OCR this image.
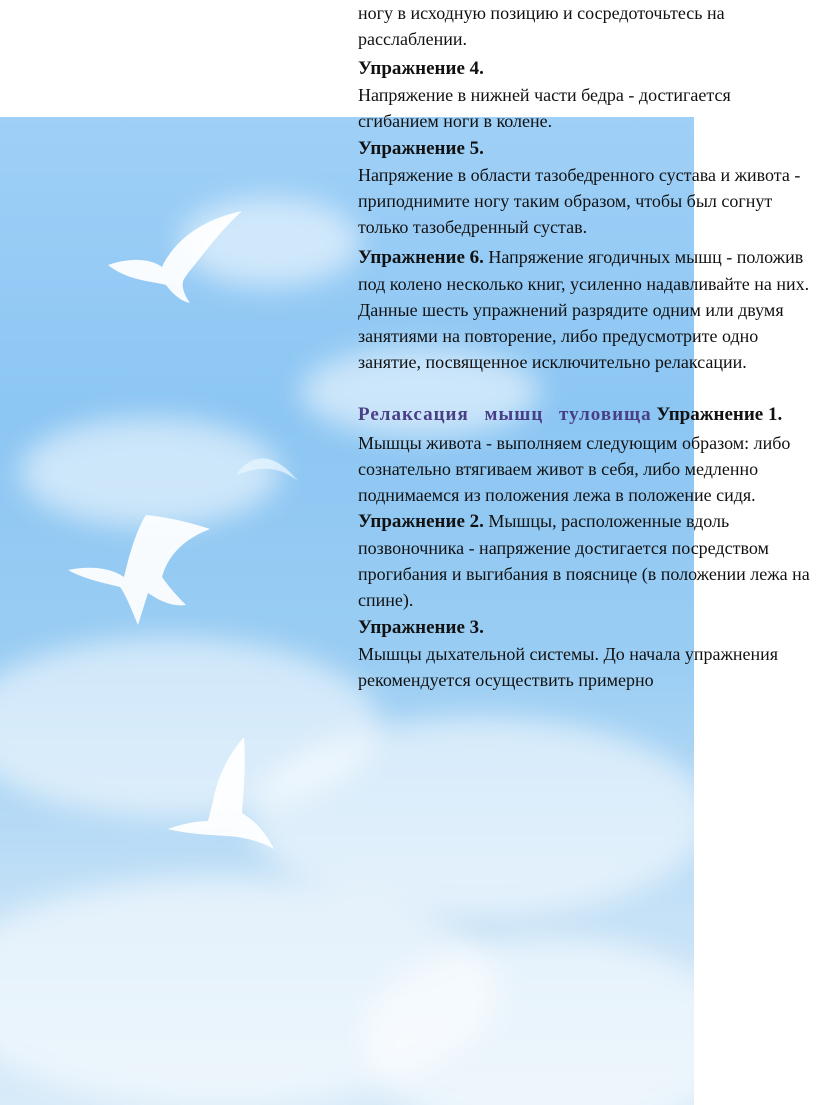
ногу в исходную позицию и сосредоточьтесь на расслаблении.

Упражнение 4.

Напряжение в нижней части бедра - достигается сгибанием ноги в колене.

Упражнение 5.

Напряжение в области тазобедренного сустава и живота - приподнимите ногу таким образом, чтобы был согнут только тазобедренный сустав.

Упражнение 6. Напряжение ягодичных мышц - положив под колено несколько книг, усиленно надавливайте на них.

Данные шесть упражнений разрядите одним или двумя занятиями на повторение, либо предусмотрите одно занятие, посвященное исключительно релаксации.

Релаксация мышц туловища Упражнение 1.

Мышцы живота - выполняем следующим образом: либо сознательно втягиваем живот в себя, либо медленно поднимаемся из положения лежа в положение сидя. Упражнение 2. Мышцы, расположенные вдоль позвоночника - напряжение достигается посредством прогибания и выгибания в пояснице (в положении лежа на спине).

Упражнение 3.

Мышцы дыхательной системы. До начала упражнения рекомендуется осуществить примерно
